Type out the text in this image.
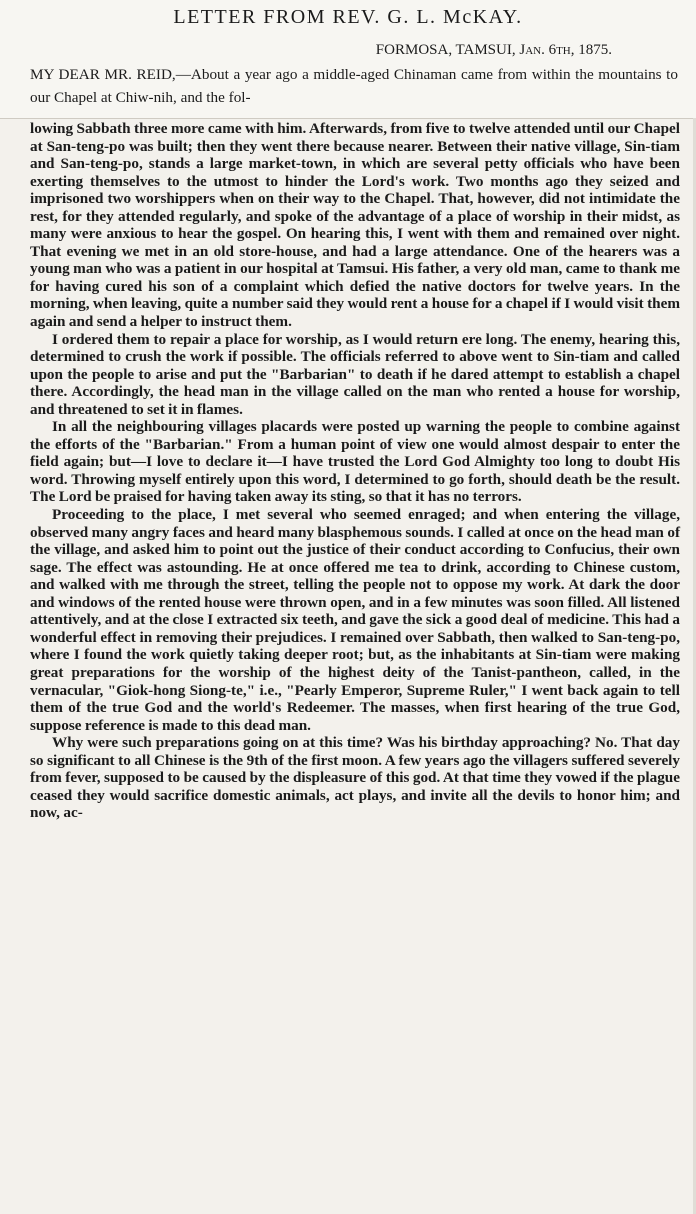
LETTER FROM REV. G. L. McKAY.
FORMOSA, TAMSUI, Jan. 6th, 1875.
MY DEAR MR. REID,—About a year ago a middle-aged Chinaman came from within the mountains to our Chapel at Chiw-nih, and the fol-

lowing Sabbath three more came with him. Afterwards, from five to twelve attended until our Chapel at San-teng-po was built; then they went there because nearer. Between their native village, Sin-tiam and San-teng-po, stands a large market-town, in which are several petty officials who have been exerting themselves to the utmost to hinder the Lord's work. Two months ago they seized and imprisoned two worshippers when on their way to the Chapel. That, however, did not intimidate the rest, for they attended regularly, and spoke of the advantage of a place of worship in their midst, as many were anxious to hear the gospel. On hearing this, I went with them and remained over night. That evening we met in an old store-house, and had a large attendance. One of the hearers was a young man who was a patient in our hospital at Tamsui. His father, a very old man, came to thank me for having cured his son of a complaint which defied the native doctors for twelve years. In the morning, when leaving, quite a number said they would rent a house for a chapel if I would visit them again and send a helper to instruct them.

I ordered them to repair a place for worship, as I would return ere long. The enemy, hearing this, determined to crush the work if possible. The officials referred to above went to Sin-tiam and called upon the people to arise and put the "Barbarian" to death if he dared attempt to establish a chapel there. Accordingly, the head man in the village called on the man who rented a house for worship, and threatened to set it in flames.

In all the neighbouring villages placards were posted up warning the people to combine against the efforts of the "Barbarian." From a human point of view one would almost despair to enter the field again; but—I love to declare it—I have trusted the Lord God Almighty too long to doubt His word. Throwing myself entirely upon this word, I determined to go forth, should death be the result. The Lord be praised for having taken away its sting, so that it has no terrors.

Proceeding to the place, I met several who seemed enraged; and when entering the village, observed many angry faces and heard many blasphemous sounds. I called at once on the head man of the village, and asked him to point out the justice of their conduct according to Confucius, their own sage. The effect was astounding. He at once offered me tea to drink, according to Chinese custom, and walked with me through the street, telling the people not to oppose my work. At dark the door and windows of the rented house were thrown open, and in a few minutes was soon filled. All listened attentively, and at the close I extracted six teeth, and gave the sick a good deal of medicine. This had a wonderful effect in removing their prejudices. I remained over Sabbath, then walked to San-teng-po, where I found the work quietly taking deeper root; but, as the inhabitants at Sin-tiam were making great preparations for the worship of the highest deity of the Tanist-pantheon, called, in the vernacular, "Giok-hong Siong-te," i.e., "Pearly Emperor, Supreme Ruler," I went back again to tell them of the true God and the world's Redeemer. The masses, when first hearing of the true God, suppose reference is made to this dead man.

Why were such preparations going on at this time? Was his birthday approaching? No. That day so significant to all Chinese is the 9th of the first moon. A few years ago the villagers suffered severely from fever, supposed to be caused by the displeasure of this god. At that time they vowed if the plague ceased they would sacrifice domestic animals, act plays, and invite all the devils to honor him; and now, ac-
